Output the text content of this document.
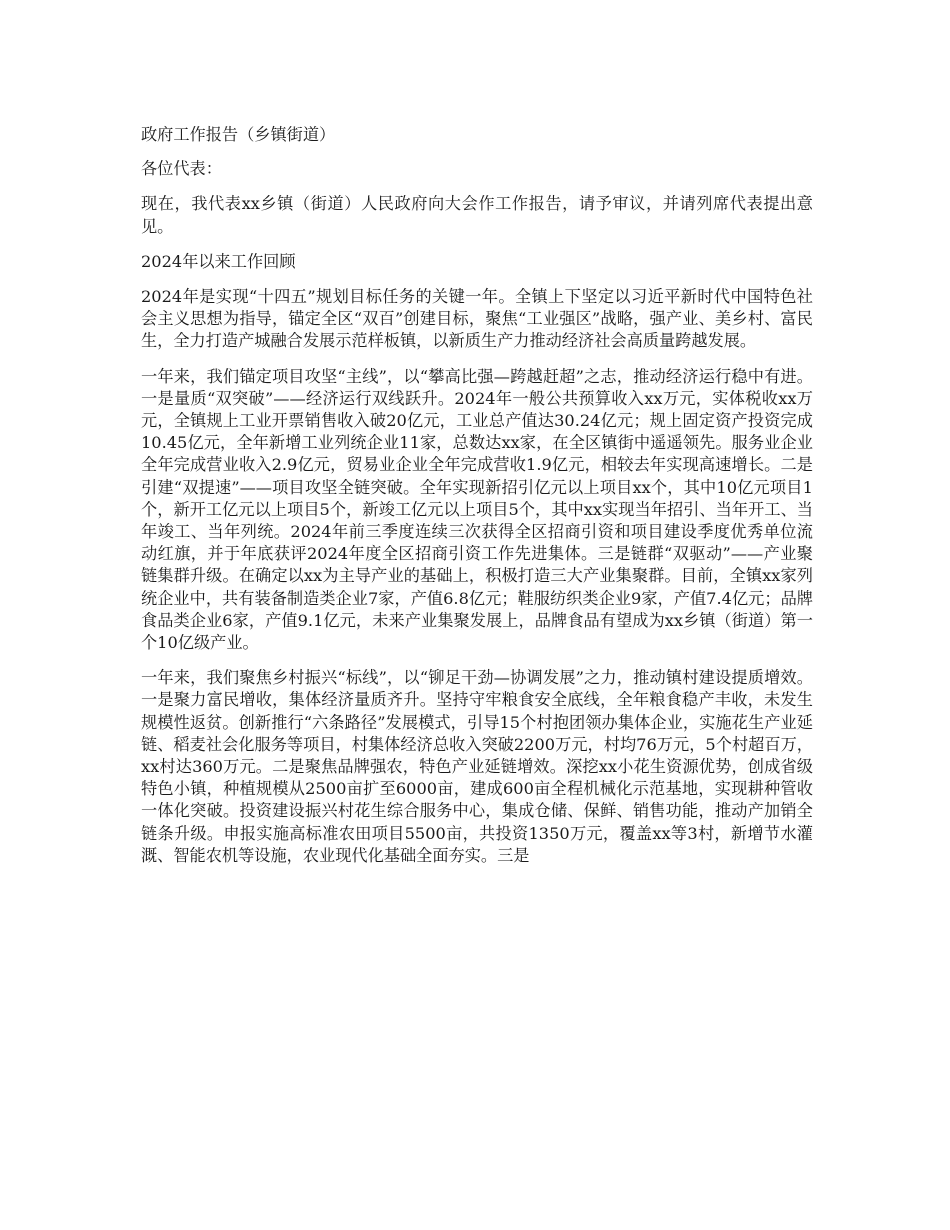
政府工作报告（乡镇街道）

各位代表：

现在，我代表xx乡镇（街道）人民政府向大会作工作报告，请予审议，并请列席代表提出意见。

2024年以来工作回顾

2024年是实现“十四五”规划目标任务的关键一年。全镇上下坚定以习近平新时代中国特色社会主义思想为指导，锚定全区“双百”创建目标，聚焦“工业强区”战略，强产业、美乡村、富民生，全力打造产城融合发展示范样板镇，以新质生产力推动经济社会高质量跨越发展。

一年来，我们锚定项目攻坚“主线”，以“攀高比强—跨越赶超”之志，推动经济运行稳中有进。一是量质“双突破”——经济运行双线跃升。2024年一般公共预算收入xx万元，实体税收xx万元，全镇规上工业开票销售收入破20亿元，工业总产值达30.24亿元；规上固定资产投资完成10.45亿元，全年新增工业列统企业11家，总数达xx家，在全区镇街中遥遥领先。服务业企业全年完成营业收入2.9亿元，贸易业企业全年完成营收1.9亿元，相较去年实现高速增长。二是引建“双提速”——项目攻坚全链突破。全年实现新招引亿元以上项目xx个，其中10亿元项目1个，新开工亿元以上项目5个，新竣工亿元以上项目5个，其中xx实现当年招引、当年开工、当年竣工、当年列统。2024年前三季度连续三次获得全区招商引资和项目建设季度优秀单位流动红旗，并于年底获评2024年度全区招商引资工作先进集体。三是链群“双驱动”——产业聚链集群升级。在确定以xx为主导产业的基础上，积极打造三大产业集聚群。目前，全镇xx家列统企业中，共有装备制造类企业7家，产值6.8亿元；鞋服纺织类企业9家，产值7.4亿元；品牌食品类企业6家，产值9.1亿元，未来产业集聚发展上，品牌食品有望成为xx乡镇（街道）第一个10亿级产业。

一年来，我们聚焦乡村振兴“标线”，以“铆足干劲—协调发展”之力，推动镇村建设提质增效。一是聚力富民增收，集体经济量质齐升。坚持守牢粮食安全底线，全年粮食稳产丰收，未发生规模性返贫。创新推行“六条路径”发展模式，引导15个村抱团领办集体企业，实施花生产业延链、稻麦社会化服务等项目，村集体经济总收入突破2200万元，村均76万元，5个村超百万，xx村达360万元。二是聚焦品牌强农，特色产业延链增效。深挖xx小花生资源优势，创成省级特色小镇，种植规模从2500亩扩至6000亩，建成600亩全程机械化示范基地，实现耕种管收一体化突破。投资建设振兴村花生综合服务中心，集成仓储、保鲜、销售功能，推动产加销全链条升级。申报实施高标准农田项目5500亩，共投资1350万元，覆盖xx等3村，新增节水灌溉、智能农机等设施，农业现代化基础全面夯实。三是
